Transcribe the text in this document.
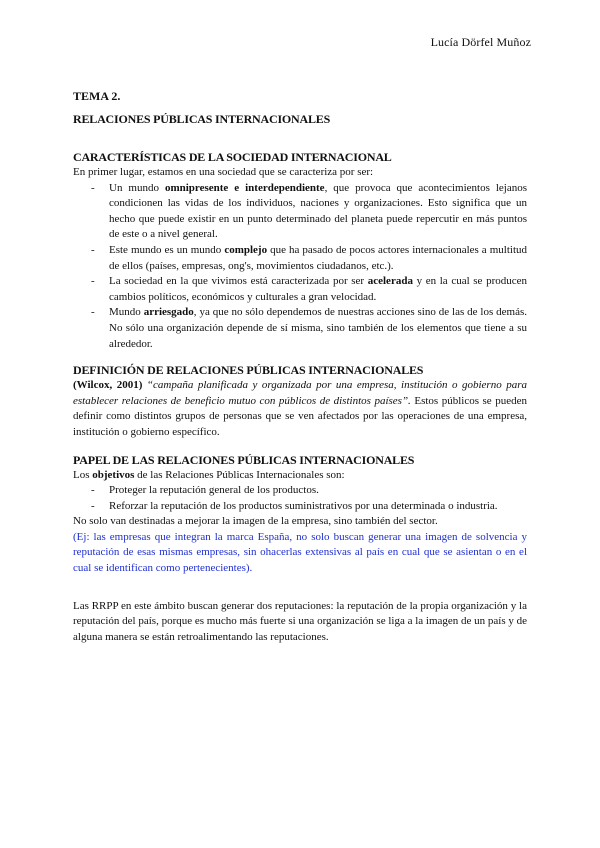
Lucía Dörfel Muñoz
TEMA 2.
RELACIONES PÚBLICAS INTERNACIONALES
CARACTERÍSTICAS DE LA SOCIEDAD INTERNACIONAL

En primer lugar, estamos en una sociedad que se caracteriza por ser:

- Un mundo omnipresente e interdependiente, que provoca que acontecimientos lejanos condicionen las vidas de los individuos, naciones y organizaciones. Esto significa que un hecho que puede existir en un punto determinado del planeta puede repercutir en más puntos de este o a nivel general.
- Este mundo es un mundo complejo que ha pasado de pocos actores internacionales a multitud de ellos (países, empresas, ong's, movimientos ciudadanos, etc.).
- La sociedad en la que vivimos está caracterizada por ser acelerada y en la cual se producen cambios políticos, económicos y culturales a gran velocidad.
- Mundo arriesgado, ya que no sólo dependemos de nuestras acciones sino de las de los demás. No sólo una organización depende de sí misma, sino también de los elementos que tiene a su alrededor.
DEFINICIÓN DE RELACIONES PÚBLICAS INTERNACIONALES

(Wilcox, 2001) “campaña planificada y organizada por una empresa, institución o gobierno para establecer relaciones de beneficio mutuo con públicos de distintos países”. Estos públicos se pueden definir como distintos grupos de personas que se ven afectados por las operaciones de una empresa, institución o gobierno específico.

PAPEL DE LAS RELACIONES PÚBLICAS INTERNACIONALES

Los objetivos de las Relaciones Públicas Internacionales son:

- Proteger la reputación general de los productos.
- Reforzar la reputación de los productos suministrativos por una determinada o industria.

No solo van destinadas a mejorar la imagen de la empresa, sino también del sector.

(Ej: las empresas que integran la marca España, no solo buscan generar una imagen de solvencia y reputación de esas mismas empresas, sin ohacerlas extensivas al país en cual que se asientan o en el cual se identifican como pertenecientes).

Las RRPP en este ámbito buscan generar dos reputaciones: la reputación de la propia organización y la reputación del país, porque es mucho más fuerte si una organización se liga a la imagen de un país y de alguna manera se están retroalimentando las reputaciones.
